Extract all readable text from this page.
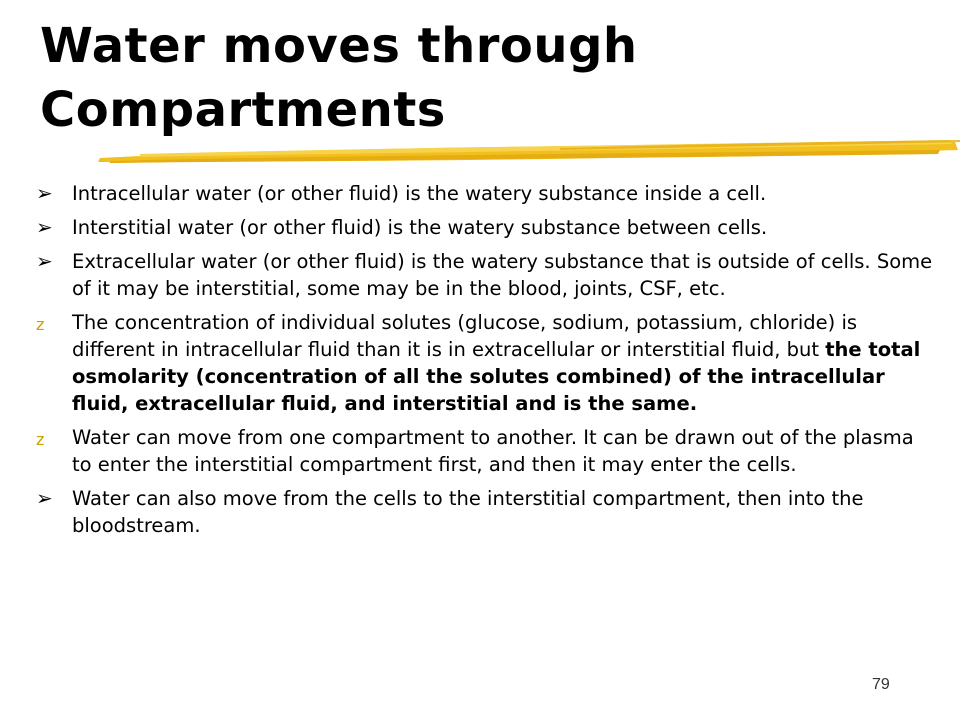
Water moves through
Compartments
➢ Intracellular water (or other fluid) is the watery substance inside a cell.
➢ Interstitial water (or other fluid) is the watery substance between cells.
➢ Extracellular water (or other fluid) is the watery substance that is outside of cells. Some of it may be interstitial, some may be in the blood, joints, CSF, etc.
z	The concentration of individual solutes (glucose, sodium, potassium, chloride) is different in intracellular fluid than it is in extracellular or interstitial fluid, but the total osmolarity (concentration of all the solutes combined) of the intracellular fluid, extracellular fluid, and interstitial and is the same.
z	Water can move from one compartment to another. It can be drawn out of the plasma to enter the interstitial compartment first, and then it may enter the cells.
➢ Water can also move from the cells to the interstitial compartment, then into the bloodstream.
79
